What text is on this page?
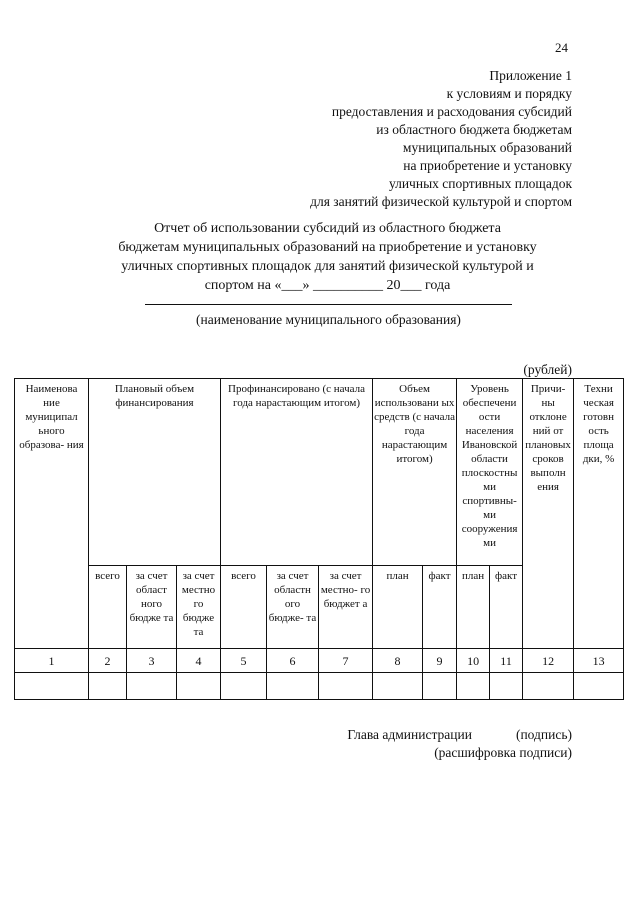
24
Приложение 1
к условиям и порядку
предоставления и расходования субсидий
из областного бюджета бюджетам
муниципальных образований
на приобретение и установку
уличных спортивных площадок
для занятий физической культурой и спортом
Отчет об использовании субсидий из областного бюджета
бюджетам муниципальных образований на приобретение и установку
уличных спортивных площадок для занятий физической культурой и
спортом на «___» __________ 20___ года
(наименование муниципального образования)
(рублей)
Наименова ние муниципал ьного образова- ния	Плановый объем финансирования			Профинансировано (с начала года нарастающим итогом)			Объем использовани ых средств (с начала года нарастающим итогом)		Уровень обеспечени ости населения Ивановской области плоскостны ми спортивны- ми сооружения ми		Причи- ны отклоне ний от плановых сроков выполн ения	Техни ческая готовн ость площа дки, %
	всего	за счет област ного бюдже та	за счет местно го бюдже та	всего	за счет областн ого бюдже- та	за счет местно- го бюджет а	план	факт	план	факт		
1	2	3	4	5	6	7	8	9	10	11	12	13

Глава администрации	(подпись)
(расшифровка подписи)
